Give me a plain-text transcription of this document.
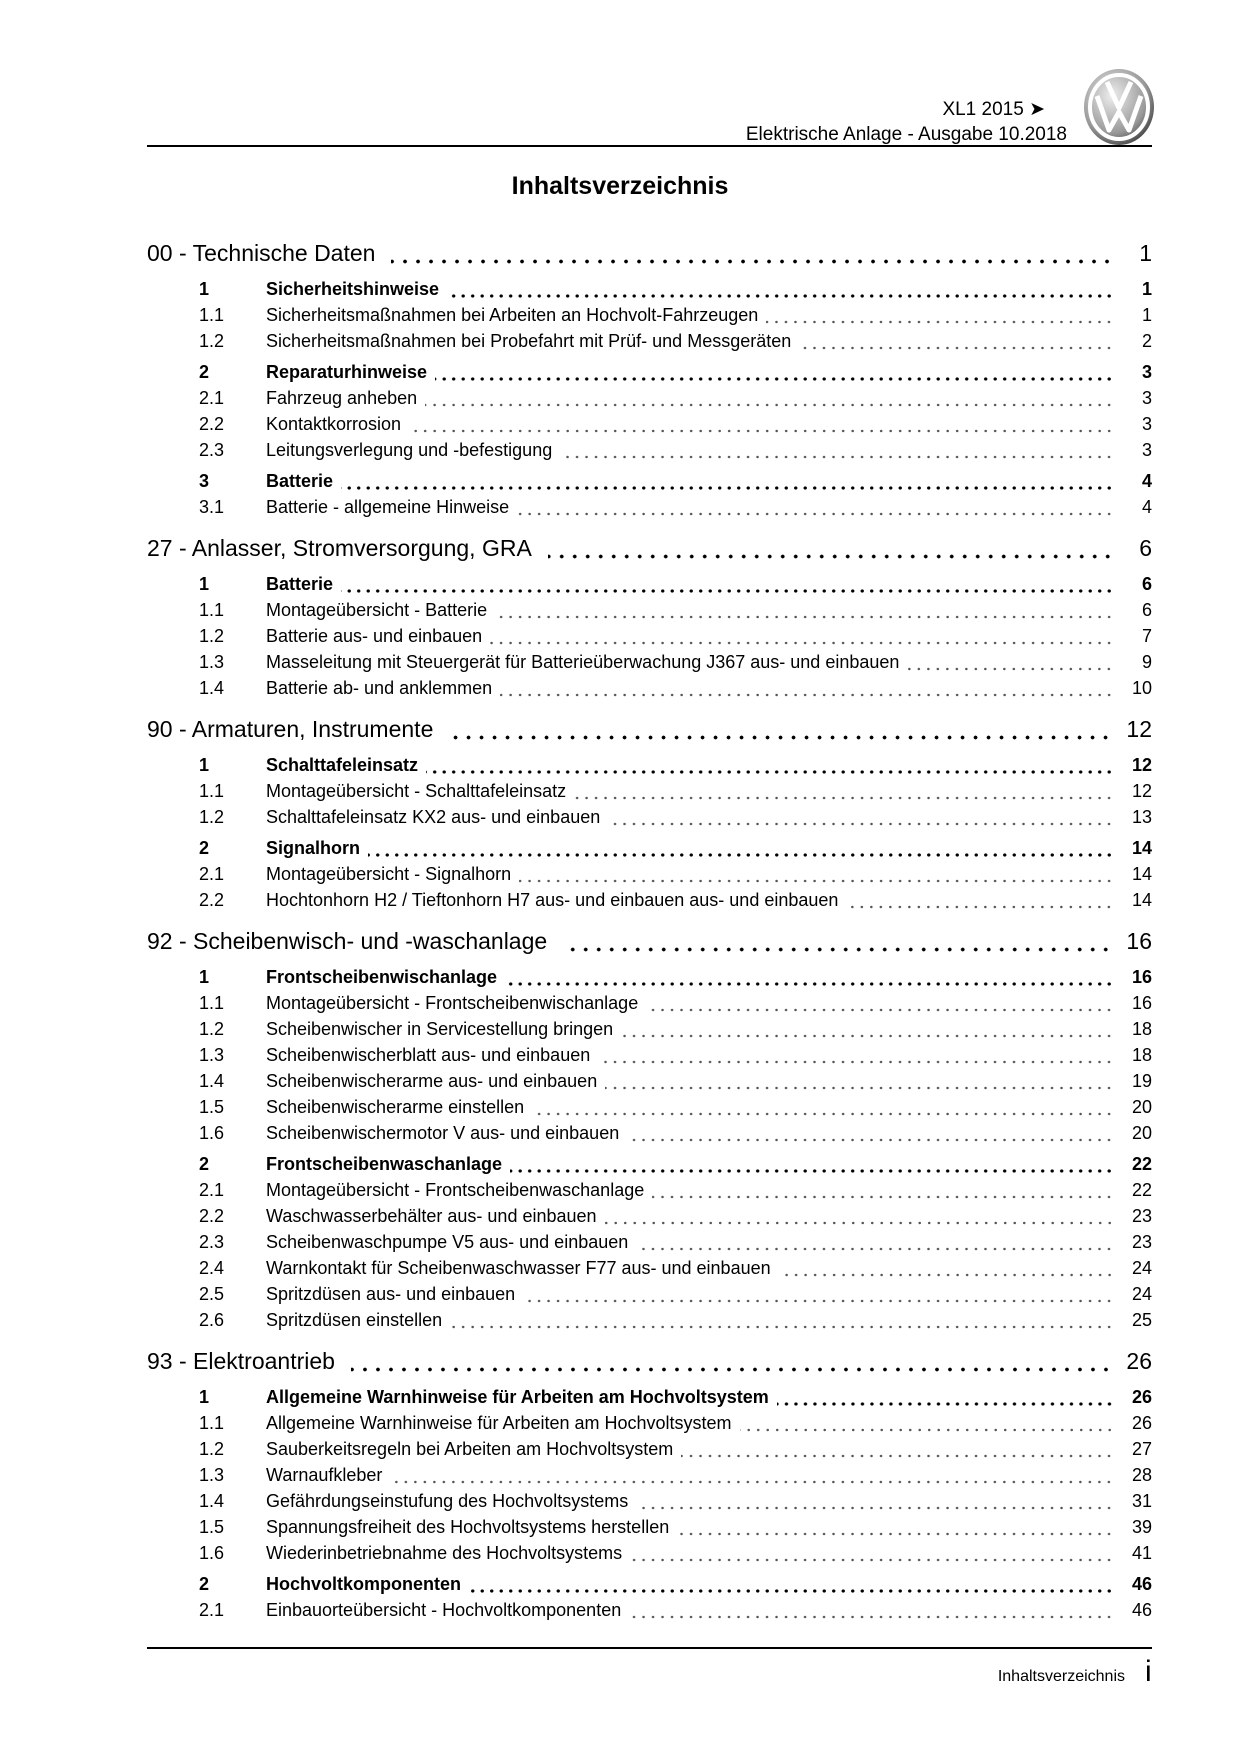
XL1 2015 ➤
Elektrische Anlage - Ausgabe 10.2018
Inhaltsverzeichnis
00 - Technische Daten	1
1	Sicherheitshinweise	1
1.1	Sicherheitsmaßnahmen bei Arbeiten an Hochvolt-Fahrzeugen	1
1.2	Sicherheitsmaßnahmen bei Probefahrt mit Prüf- und Messgeräten	2
2	Reparaturhinweise	3
2.1	Fahrzeug anheben	3
2.2	Kontaktkorrosion	3
2.3	Leitungsverlegung und -befestigung	3
3	Batterie	4
3.1	Batterie - allgemeine Hinweise	4
27 - Anlasser, Stromversorgung, GRA	6
1	Batterie	6
1.1	Montageübersicht - Batterie	6
1.2	Batterie aus- und einbauen	7
1.3	Masseleitung mit Steuergerät für Batterieüberwachung J367 aus- und einbauen	9
1.4	Batterie ab- und anklemmen	10
90 - Armaturen, Instrumente	12
1	Schalttafeleinsatz	12
1.1	Montageübersicht - Schalttafeleinsatz	12
1.2	Schalttafeleinsatz KX2 aus- und einbauen	13
2	Signalhorn	14
2.1	Montageübersicht - Signalhorn	14
2.2	Hochtonhorn H2 / Tieftonhorn H7 aus- und einbauen aus- und einbauen	14
92 - Scheibenwisch- und -waschanlage	16
1	Frontscheibenwischanlage	16
1.1	Montageübersicht - Frontscheibenwischanlage	16
1.2	Scheibenwischer in Servicestellung bringen	18
1.3	Scheibenwischerblatt aus- und einbauen	18
1.4	Scheibenwischerarme aus- und einbauen	19
1.5	Scheibenwischerarme einstellen	20
1.6	Scheibenwischermotor V aus- und einbauen	20
2	Frontscheibenwaschanlage	22
2.1	Montageübersicht - Frontscheibenwaschanlage	22
2.2	Waschwasserbehälter aus- und einbauen	23
2.3	Scheibenwaschpumpe V5 aus- und einbauen	23
2.4	Warnkontakt für Scheibenwaschwasser F77 aus- und einbauen	24
2.5	Spritzdüsen aus- und einbauen	24
2.6	Spritzdüsen einstellen	25
93 - Elektroantrieb	26
1	Allgemeine Warnhinweise für Arbeiten am Hochvoltsystem	26
1.1	Allgemeine Warnhinweise für Arbeiten am Hochvoltsystem	26
1.2	Sauberkeitsregeln bei Arbeiten am Hochvoltsystem	27
1.3	Warnaufkleber	28
1.4	Gefährdungseinstufung des Hochvoltsystems	31
1.5	Spannungsfreiheit des Hochvoltsystems herstellen	39
1.6	Wiederinbetriebnahme des Hochvoltsystems	41
2	Hochvoltkomponenten	46
2.1	Einbauorteübersicht - Hochvoltkomponenten	46
Inhaltsverzeichnis i
